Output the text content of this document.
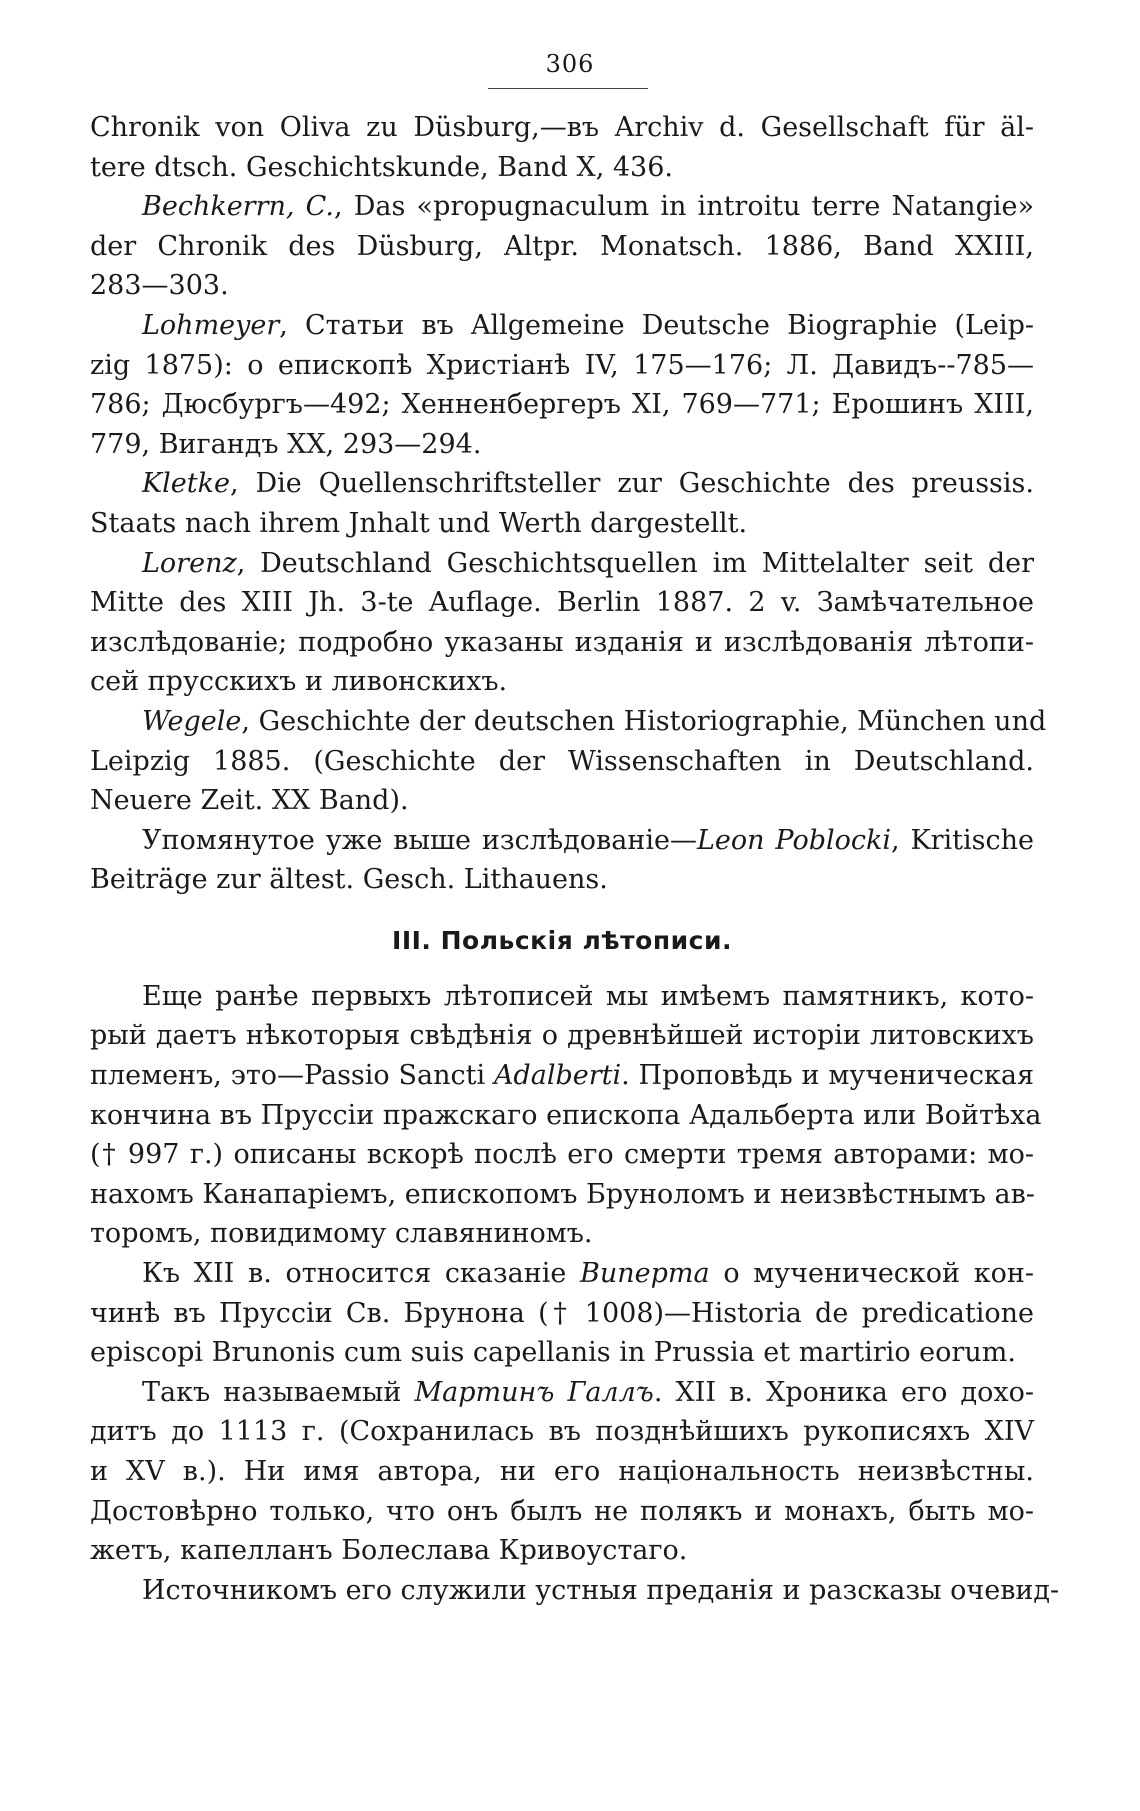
306
Chronik von Oliva zu Düsburg,—въ Archiv d. Gesellschaft für äl-
tere dtsch. Geschichtskunde, Band X, 436.
Bechkerrn, C., Das «propugnaculum in introitu terre Natangie»
der Chronik des Düsburg, Altpr. Monatsch. 1886, Band XXIII,
283—303.
Lohmeyer, Статьи въ Allgemeine Deutsche Biographie (Leip-
zig 1875): о епископѣ Христіанѣ IV, 175—176; Л. Давидъ--785—
786; Дюсбургъ—492; Хенненбергеръ XI, 769—771; Ерошинъ XIII,
779, Вигандъ XX, 293—294.
Kletke, Die Quellenschriftsteller zur Geschichte des preussis.
Staats nach ihrem Jnhalt und Werth dargestellt.
Lorenz, Deutschland Geschichtsquellen im Mittelalter seit der
Mitte des XIII Jh. 3-te Auflage. Berlin 1887. 2 v. Замѣчательное
изслѣдованіе; подробно указаны изданія и изслѣдованія лѣтопи-
сей прусскихъ и ливонскихъ.
Wegele, Geschichte der deutschen Historiographie, München und
Leipzig 1885. (Geschichte der Wissenschaften in Deutschland.
Neuere Zeit. XX Band).
Упомянутое уже выше изслѣдованіе—Leon Poblocki, Kritische
Beiträge zur ältest. Gesch. Lithauens.
III. Польскія лѣтописи.
Еще ранѣе первыхъ лѣтописей мы имѣемъ памятникъ, кото-
рый даетъ нѣкоторыя свѣдѣнія о древнѣйшей исторіи литовскихъ
племенъ, это—Passio Sancti Adalberti. Проповѣдь и мученическая
кончина въ Пруссіи пражскаго епископа Адальберта или Войтѣха
(† 997 г.) описаны вскорѣ послѣ его смерти тремя авторами: мо-
нахомъ Канапаріемъ, епископомъ Бруноломъ и неизвѣстнымъ ав-
торомъ, повидимому славяниномъ.
Къ XII в. относится сказаніе Виперта о мученической кон-
чинѣ въ Пруссіи Св. Брунона († 1008)—Historia de predicatione
episcopi Brunonis cum suis capellanis in Prussia et martirio eorum.
Такъ называемый Мартинъ Галлъ. XII в. Хроника его дохо-
дитъ до 1113 г. (Сохранилась въ позднѣйшихъ рукописяхъ XIV
и XV в.). Ни имя автора, ни его національность неизвѣстны.
Достовѣрно только, что онъ былъ не полякъ и монахъ, быть мо-
жетъ, капелланъ Болеслава Кривоустаго.
Источникомъ его служили устныя преданія и разсказы очевид-
